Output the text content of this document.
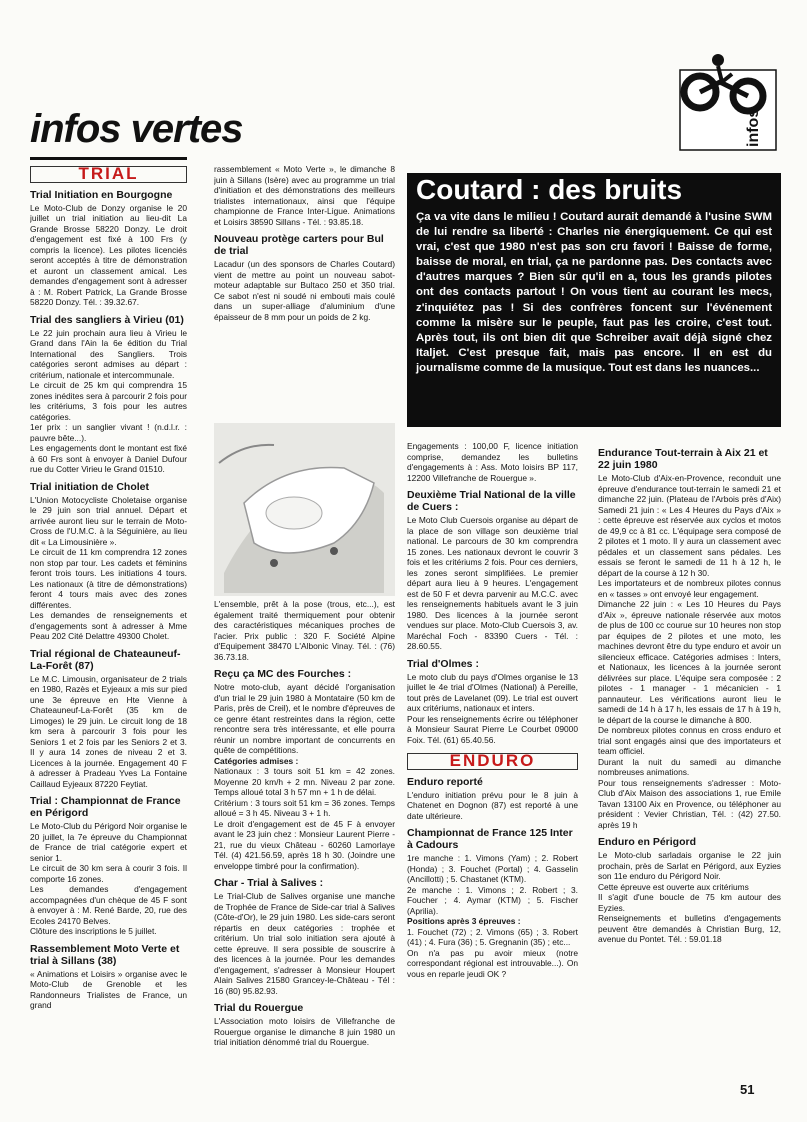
infos vertes	infos
TRIAL
Trial Initiation en Bourgogne

Le Moto-Club de Donzy organise le 20 juillet un trial initiation au lieu-dit La Grande Brosse 58220 Donzy. Le droit d'engagement est fixé à 100 Frs (y compris la licence). Les pilotes licenciés seront acceptés à titre de démonstration et auront un classement amical. Les demandes d'engagement sont à adresser à : M. Robert Patrick, La Grande Brosse 58220 Donzy. Tél. : 39.32.67.

Trial des sangliers à Virieu (01)

Le 22 juin prochain aura lieu à Virieu le Grand dans l'Ain la 6e édition du Trial International des Sangliers. Trois catégories seront admises au départ : critérium, nationale et intercommunale.

Le circuit de 25 km qui comprendra 15 zones inédites sera à parcourir 2 fois pour les critériums, 3 fois pour les autres catégories.

1er prix : un sanglier vivant ! (n.d.l.r. : pauvre bête...).

Les engagements dont le montant est fixé à 60 Frs sont à envoyer à Daniel Dufour rue du Cotter Virieu le Grand 01510.

Trial initiation de Cholet

L'Union Motocycliste Choletaise organise le 29 juin son trial annuel. Départ et arrivée auront lieu sur le terrain de Moto-Cross de l'U.M.C. à la Séguinière, au lieu dit « La Limousinière ».

Le circuit de 11 km comprendra 12 zones non stop par tour. Les cadets et féminins feront trois tours. Les initiations 4 tours. Les nationaux (à titre de démonstrations) feront 4 tours mais avec des zones différentes.

Les demandes de renseignements et d'engagements sont à adresser à Mme Peau 202 Cité Delattre 49300 Cholet.

Trial régional de Chateauneuf-La-Forêt (87)

Le M.C. Limousin, organisateur de 2 trials en 1980, Razès et Eyjeaux a mis sur pied une 3e épreuve en Hte Vienne à Chateauneuf-La-Forêt (35 km de Limoges) le 29 juin. Le circuit long de 18 km sera à parcourir 3 fois pour les Seniors 1 et 2 fois par les Seniors 2 et 3. Il y aura 14 zones de niveau 2 et 3. Licences à la journée. Engagement 40 F à adresser à Pradeau Yves La Fontaine Caillaud Eyjeaux 87220 Feytiat.

Trial : Championnat de France en Périgord

Le Moto-Club du Périgord Noir organise le 20 juillet, la 7e épreuve du Championnat de France de trial catégorie expert et senior 1.

Le circuit de 30 km sera à courir 3 fois. Il comporte 16 zones.

Les demandes d'engagement accompagnées d'un chèque de 45 F sont à envoyer à : M. René Barde, 20, rue des Ecoles 24170 Belves.

Clôture des inscriptions le 5 juillet.

Rassemblement Moto Verte et trial à Sillans (38)

« Animations et Loisirs » organise avec le Moto-Club de Grenoble et les Randonneurs Trialistes de France, un grand

rassemblement « Moto Verte », le dimanche 8 juin à Sillans (Isère) avec au programme un trial d'initiation et des démonstrations des meilleurs trialistes internationaux, ainsi que l'équipe championne de France Inter-Ligue. Animations et Loisirs 38590 Sillans - Tél. : 93.85.18.

Nouveau protège carters pour Bul de trial

Lacadur (un des sponsors de Charles Coutard) vient de mettre au point un nouveau sabot-moteur adaptable sur Bultaco 250 et 350 trial. Ce sabot n'est ni soudé ni embouti mais coulé dans un super-alliage d'aluminium d'une épaisseur de 8 mm pour un poids de 2 kg.

L'ensemble, prêt à la pose (trous, etc...), est également traité thermiquement pour obtenir des caractéristiques mécaniques proches de l'acier. Prix public : 320 F. Société Alpine d'Equipement 38470 L'Albonic Vinay. Tél. : (76) 36.73.18.

Reçu ça MC des Fourches :

Notre moto-club, ayant décidé l'organisation d'un trial le 29 juin 1980 à Montataire (50 km de Paris, près de Creil), et le nombre d'épreuves de ce genre étant restreintes dans la région, cette rencontre sera très intéressante, et elle pourra réunir un nombre important de concurrents en quête de compétitions.

Catégories admises :

Nationaux : 3 tours soit 51 km = 42 zones. Moyenne 20 km/h + 2 mn. Niveau 2 par zone. Temps alloué total 3 h 57 mn + 1 h de délai.

Critérium : 3 tours soit 51 km = 36 zones. Temps alloué = 3 h 45. Niveau 3 + 1 h.

Le droit d'engagement est de 45 F à envoyer avant le 23 juin chez : Monsieur Laurent Pierre - 21, rue du vieux Château - 60260 Lamorlaye Tél. (4) 421.56.59, après 18 h 30. (Joindre une enveloppe timbré pour la confirmation).

Char - Trial à Salives :

Le Trial-Club de Salives organise une manche de Trophée de France de Side-car trial à Salives (Côte-d'Or), le 29 juin 1980. Les side-cars seront répartis en deux catégories : trophée et critérium. Un trial solo initiation sera ajouté à cette épreuve. Il sera possible de souscrire à des licences à la journée. Pour les demandes d'engagement, s'adresser à Monsieur Houpert Alain Salives 21580 Grancey-le-Château - Tél : 16 (80) 95.82.93.

Trial du Rouergue

L'Association moto loisirs de Villefranche de Rouergue organise le dimanche 8 juin 1980 un trial initiation dénommé trial du Rouergue.

Coutard : des bruits
Ça va vite dans le milieu ! Coutard aurait demandé à l'usine SWM de lui rendre sa liberté : Charles nie énergiquement. Ce qui est vrai, c'est que 1980 n'est pas son cru favori ! Baisse de forme, baisse de moral, en trial, ça ne pardonne pas. Des contacts avec d'autres marques ? Bien sûr qu'il en a, tous les grands pilotes ont des contacts partout ! On vous tient au courant les mecs, z'inquiétez pas ! Si des confrères foncent sur l'événement comme la misère sur le peuple, faut pas les croire, c'est tout. Après tout, ils ont bien dit que Schreiber avait déjà signé chez Italjet. C'est presque fait, mais pas encore. Il en est du journalisme comme de la musique. Tout est dans les nuances...

Engagements : 100,00 F, licence initiation comprise, demandez les bulletins d'engagements à : Ass. Moto loisirs BP 117, 12200 Villefranche de Rouergue ».

Deuxième Trial National de la ville de Cuers :

Le Moto Club Cuersois organise au départ de la place de son village son deuxième trial national. Le parcours de 30 km comprendra 15 zones. Les nationaux devront le couvrir 3 fois et les critériums 2 fois. Pour ces derniers, les zones seront simplifiées. Le premier départ aura lieu à 9 heures. L'engagement est de 50 F et devra parvenir au M.C.C. avec les renseignements habituels avant le 3 juin 1980. Des licences à la journée seront vendues sur place. Moto-Club Cuersois 3, av. Maréchal Foch - 83390 Cuers - Tél. : 28.60.55.

Trial d'Olmes :

Le moto club du pays d'Olmes organise le 13 juillet le 4e trial d'Olmes (National) à Pereille, tout près de Lavelanet (09). Le trial est ouvert aux critériums, nationaux et inters.

Pour les renseignements écrire ou téléphoner à Monsieur Saurat Pierre Le Courbet 09000 Foix. Tél. (61) 65.40.56.

ENDURO
Enduro reporté

L'enduro initiation prévu pour le 8 juin à Chatenet en Dognon (87) est reporté à une date ultérieure.

Championnat de France 125 Inter à Cadours

1re manche : 1. Vimons (Yam) ; 2. Robert (Honda) ; 3. Fouchet (Portal) ; 4. Gasselin (Ancillotti) ; 5. Chastanet (KTM).

2e manche : 1. Vimons ; 2. Robert ; 3. Foucher ; 4. Aymar (KTM) ; 5. Fischer (Aprilia).

Positions après 3 épreuves :

1. Fouchet (72) ; 2. Vimons (65) ; 3. Robert (41) ; 4. Fura (36) ; 5. Gregnanin (35) ; etc...

On n'a pas pu avoir mieux (notre correspondant régional est introuvable...). On vous en reparle jeudi OK ?

Endurance Tout-terrain à Aix 21 et 22 juin 1980

Le Moto-Club d'Aix-en-Provence, reconduit une épreuve d'endurance tout-terrain le samedi 21 et dimanche 22 juin. (Plateau de l'Arbois près d'Aix) Samedi 21 juin : « Les 4 Heures du Pays d'Aix » : cette épreuve est réservée aux cyclos et motos de 49,9 cc à 81 cc. L'équipage sera composé de 2 pilotes et 1 moto. Il y aura un classement avec pédales et un classement sans pédales. Les essais se feront le samedi de 11 h à 12 h, le départ de la course à 12 h 30.

Les importateurs et de nombreux pilotes connus en « tasses » ont envoyé leur engagement.

Dimanche 22 juin : « Les 10 Heures du Pays d'Aix », épreuve nationale réservée aux motos de plus de 100 cc courue sur 10 heures non stop par équipes de 2 pilotes et une moto, les machines devront être du type enduro et avoir un silencieux efficace. Catégories admises : Inters, et Nationaux, les licences à la journée seront délivrées sur place. L'équipe sera composée : 2 pilotes - 1 manager - 1 mécanicien - 1 pannauteur. Les vérifications auront lieu le samedi de 14 h à 17 h, les essais de 17 h à 19 h, le départ de la course le dimanche à 800.

De nombreux pilotes connus en cross enduro et trial sont engagés ainsi que des importateurs et team officiel.

Durant la nuit du samedi au dimanche nombreuses animations.

Pour tous renseignements s'adresser : Moto-Club d'Aix Maison des associations 1, rue Emile Tavan 13100 Aix en Provence, ou téléphoner au président : Vevier Christian, Tél. : (42) 27.50. après 19 h

Enduro en Périgord

Le Moto-club sarladais organise le 22 juin prochain, près de Sarlat en Périgord, aux Eyzies son 11e enduro du Périgord Noir.

Cette épreuve est ouverte aux critériums

Il s'agit d'une boucle de 75 km autour des Eyzies.

Renseignements et bulletins d'engagements peuvent être demandés à Christian Burg, 12, avenue du Pontet. Tél. : 59.01.18

51
